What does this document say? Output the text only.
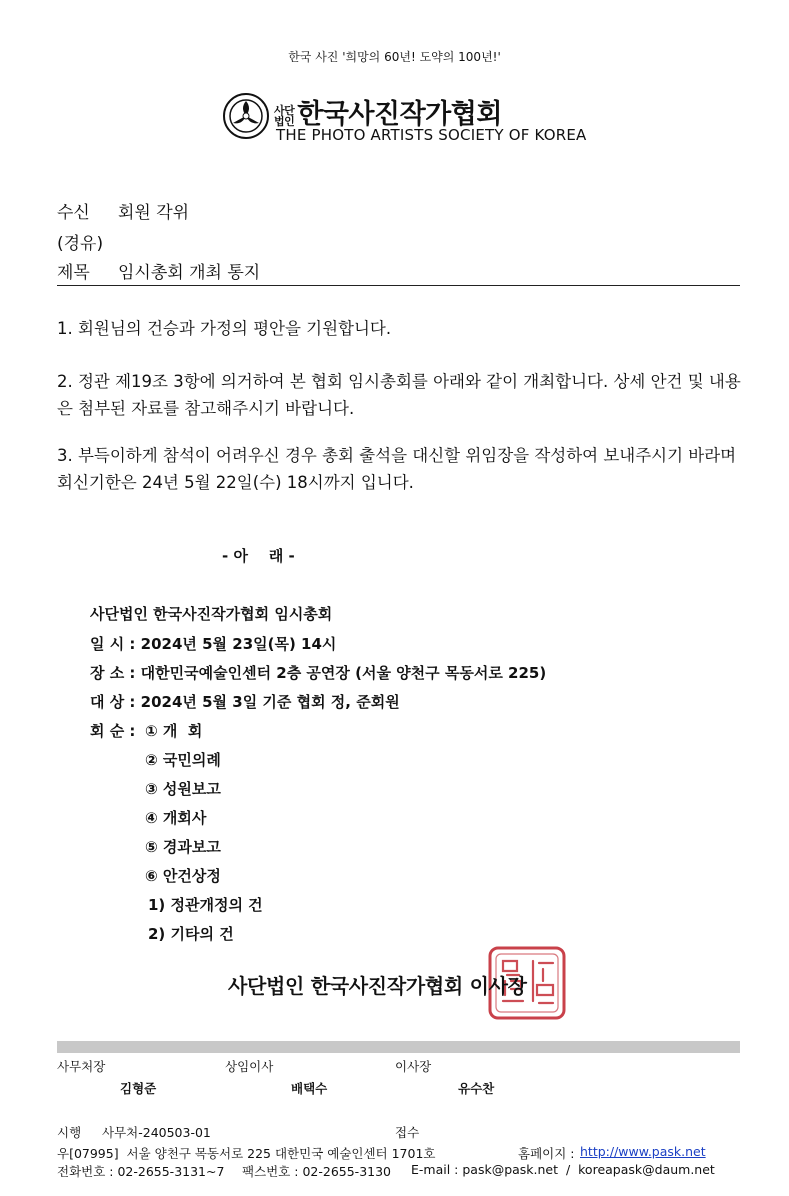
한국 사진 '희망의 60년! 도약의 100년!'
사단
법인 한국사진작가협회
THE PHOTO ARTISTS SOCIETY OF KOREA
수신 회원 각위
(경유)
제목 임시총회 개최 통지
1. 회원님의 건승과 가정의 평안을 기원합니다.
2. 정관 제19조 3항에 의거하여 본 협회 임시총회를 아래와 같이 개최합니다. 상세 안건 및 내용은 첨부된 자료를 참고해주시기 바랍니다.
3. 부득이하게 참석이 어려우신 경우 총회 출석을 대신할 위임장을 작성하여 보내주시기 바라며 회신기한은 24년 5월 22일(수) 18시까지 입니다.
- 아    래 -
사단법인 한국사진작가협회 임시총회
일 시 : 2024년 5월 23일(목) 14시
장 소 : 대한민국예술인센터 2층 공연장 (서울 양천구 목동서로 225)
대 상 : 2024년 5월 3일 기준 협회 정, 준회원
회 순 : ① 개  회
② 국민의례
③ 성원보고
④ 개회사
⑤ 경과보고
⑥ 안건상정
1) 정관개정의 건
2) 기타의 건
사단법인 한국사진작가협회 이사장
사무처장	상임이사	이사장
김형준	배택수	유수찬
시행 사무처-240503-01	접수
우[07995]  서울 양천구 목동서로 225 대한민국 예술인센터 1701호	홈페이지 : http://www.pask.net
전화번호 : 02-2655-3131~7 팩스번호 : 02-2655-3130 E-mail : pask@pask.net  /  koreapask@daum.net
